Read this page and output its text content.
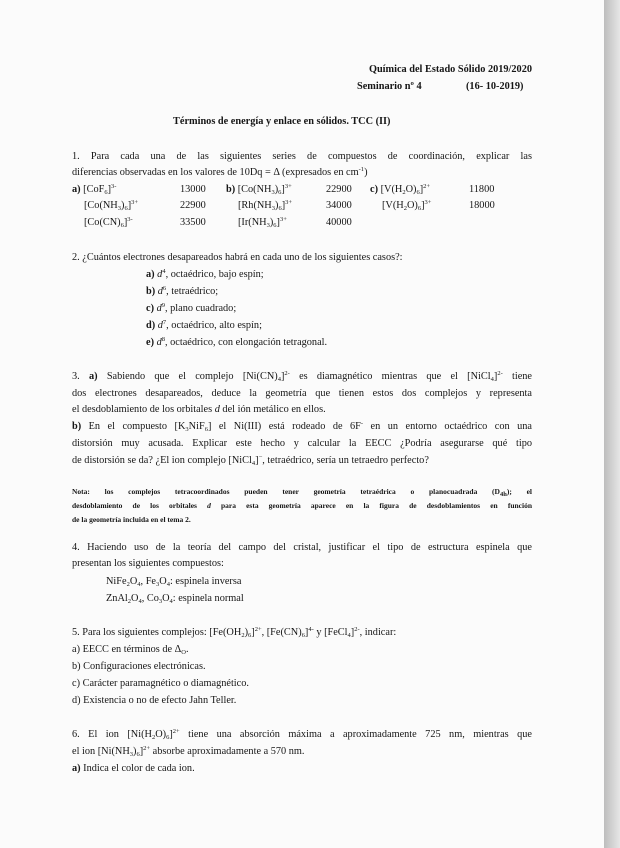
Química del Estado Sólido 2019/2020
Seminario nº 4	(16- 10-2019)
Términos de energía y enlace en sólidos. TCC (II)
1. Para cada una de las siguientes series de compuestos de coordinación, explicar las
diferencias observadas en los valores de 10Dq = Δ (expresados en $cm^{-1}$)
a) $[CoF_6]^{3-}$
$[Co(NH_3)_6]^{3+}$
$[Co(CN)_6]^{3-}$
13000
22900
33500
b) $[Co(NH_3)_6]^{3+}$
$[Rh(NH_3)_6]^{3+}$
$[Ir(NH_3)_6]^{3+}$
22900
34000
40000
c) $[V(H_2O)_6]^{2+}$
$[V(H_2O)_6]^{3+}$
11800
18000
2. ¿Cuántos electrones desapareados habrá en cada uno de los siguientes casos?:
a) $d^4$, octaédrico, bajo espín;
b) $d^6$, tetraédrico;
c) $d^9$, plano cuadrado;
d) $d^7$, octaédrico, alto espín;
e) $d^8$, octaédrico, con elongación tetragonal.
3. a) Sabiendo que el complejo $[Ni(CN)_4]^{2-}$ es diamagnético mientras que el [NiCl$_4$]$^{2-}$ tiene
dos electrones desapareados, deduce la geometría que tienen estos dos complejos y representa
el desdoblamiento de los orbitales d del ión metálico en ellos.
b) En el compuesto $[K_3NiF_6]$ el Ni(III) está rodeado de 6F- en un entorno octaédrico con una
distorsión muy acusada. Explicar este hecho y calcular la EECC ¿Podría asegurarse qué tipo
de distorsión se da? ¿El ion complejo [NiCl$_4$]−, tetraédrico, sería un tetraedro perfecto?
Nota: los complejos tetracoordinados pueden tener geometría tetraédrica o planocuadrada $(D_{4h})$; el
desdoblamiento de los orbitales d para esta geometría aparece en la figura de desdoblamientos en función
de la geometría incluida en el tema 2.
4. Haciendo uso de la teoría del campo del cristal, justificar el tipo de estructura espinela que
presentan los siguientes compuestos:
$NiFe_2O_4$, $Fe_3O_4$: espinela inversa
$ZnAl_2O_4$, $Co_3O_4$: espinela normal
5. Para los siguientes complejos: $[Fe(OH_2)_6]^{2+}$, $[Fe(CN)_6]^{4-}$ y [FeCl$_4$]$^{2-}$, indicar:
a) EECC en términos de $\Delta_O$.
b) Configuraciones electrónicas.
c) Carácter paramagnético o diamagnético.
d) Existencia o no de efecto Jahn Teller.
6. El ion $[Ni(H_2O)_6]^{2+}$ tiene una absorción máxima a aproximadamente 725 nm, mientras que
el ion $[Ni(NH_3)_6]^{2+}$ absorbe aproximadamente a 570 nm.
a) Indica el color de cada ion.
